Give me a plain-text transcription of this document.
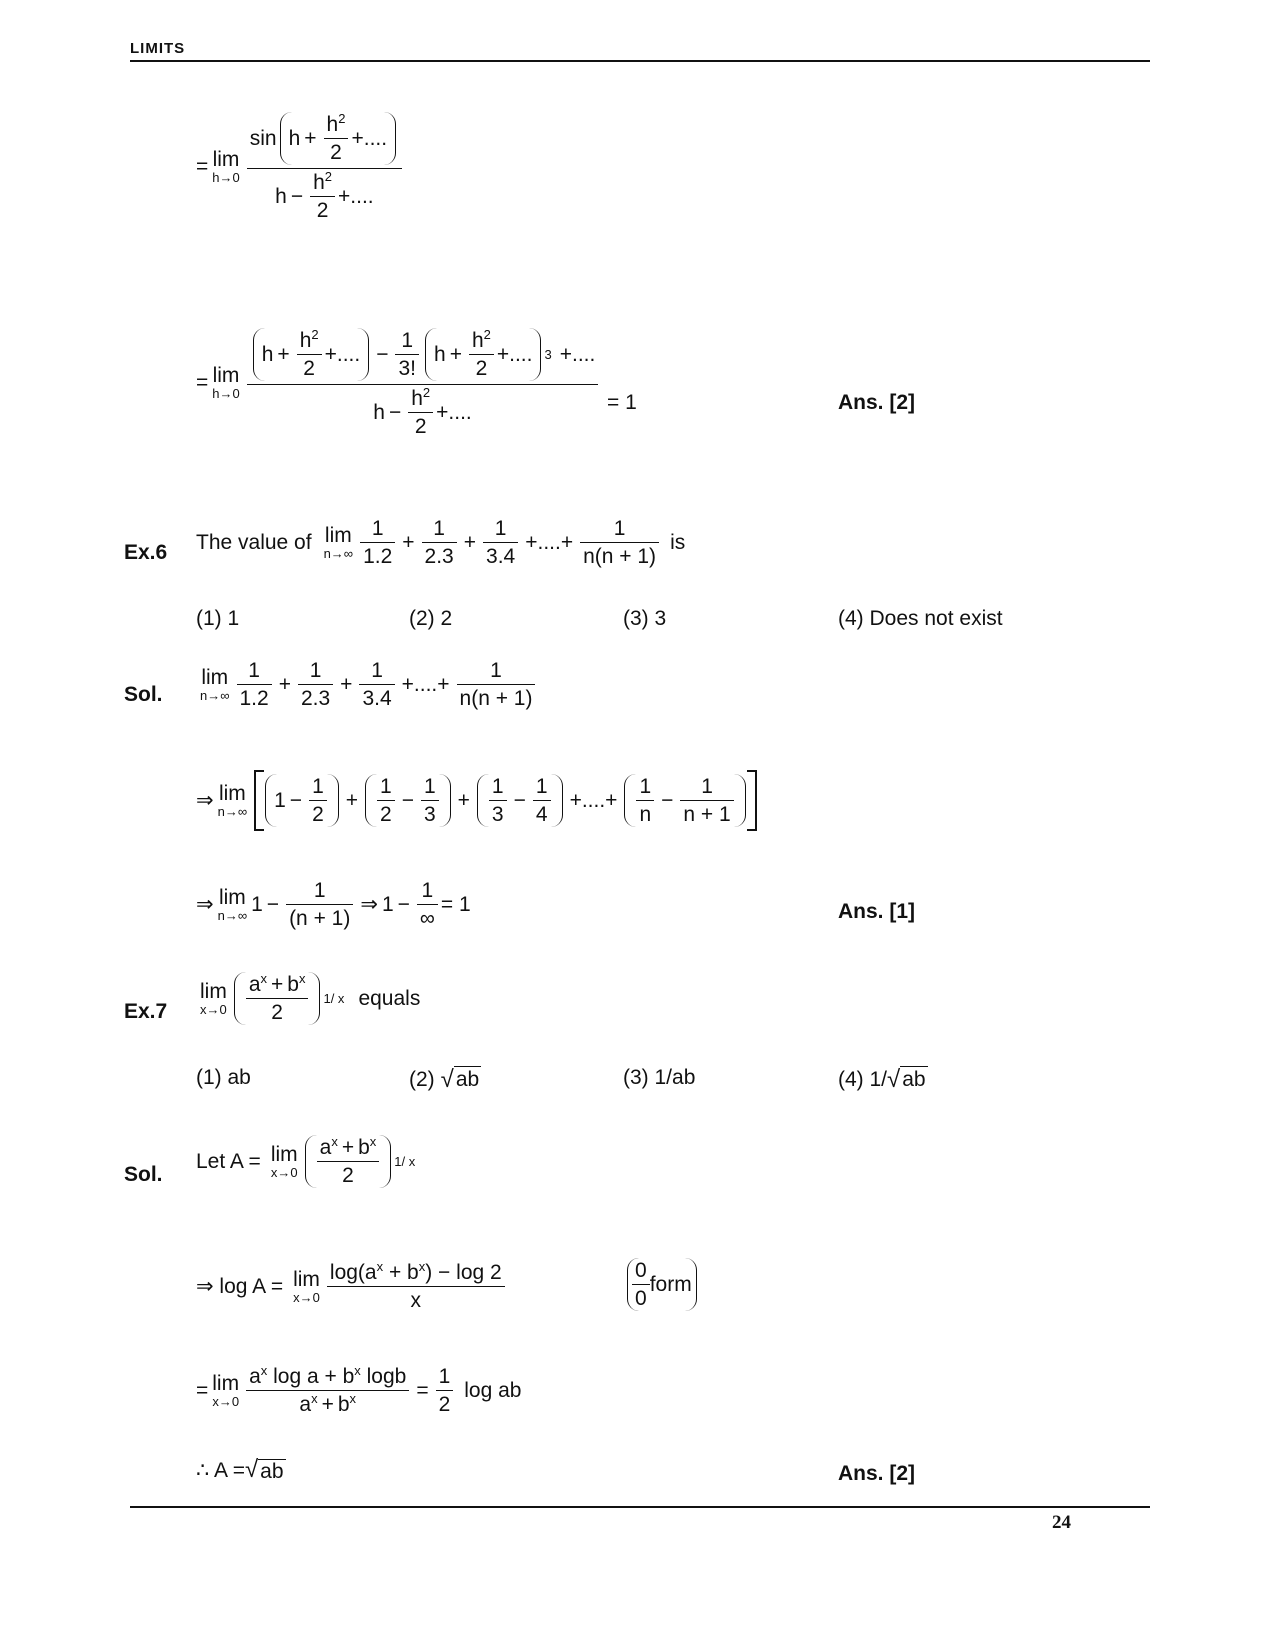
LIMITS
= lim
$h\to 0 \frac{\sin h + \frac{h^2}{2} +....}{h - \frac{h^2}{2} +....}$
= lim
h→0
$h + \frac{h^2}{2}$ +.... − $\frac{1}{3!}$ $h + \frac{h^2}{2}$ +.... 3 +....
$h - \frac{h^2}{2}$ +....	= 1	Ans. [2]
Ex.6 The value of lim
$n\to\infty \frac{1}{1.2} + \frac{1}{2.3} + \frac{1}{3.4}$ +....+ $\frac{1}{n(n + 1)}$ is
(1) 1	(2) 2	(3) 3	(4) Does not exist
Sol.
lim
$n\to\infty \frac{1}{1.2} + \frac{1}{2.3} + \frac{1}{3.4}$ +....+ $\frac{1}{n(n + 1)}$
⇒ lim
n→∞ $1 - \frac{1}{2} + \frac{1}{2} - \frac{1}{3} + \frac{1}{3} - \frac{1}{4}$ +....+ $\frac{1}{n} - \frac{1}{n + 1}$
⇒ lim
n→∞ $1 - \frac{1}{(n + 1)}$ ⇒ $1 - \frac{1}{\infty} = 1$	Ans. [1]
Ex.7
lim
$x\to 0 \frac{a^x + b^x}{2} 1/$ x equals
(1) ab	(2) √ ab	(3) 1/ab	(4) 1/ √ ab
Sol.
Let A = lim
$x\to 0 \frac{a^x + b^x}{2} 1/$ x
⇒ log A = lim
$x\to 0 \frac{\log(a^x + b^x) - \log 2}{x}$	$\frac{0}{0}$ form
= lim
$x\to 0 \frac{a^x \log a + b^x \log b}{a^x + b^x} = \frac{1}{2}$ log ab
∴ A = √ ab	Ans. [2]
24
